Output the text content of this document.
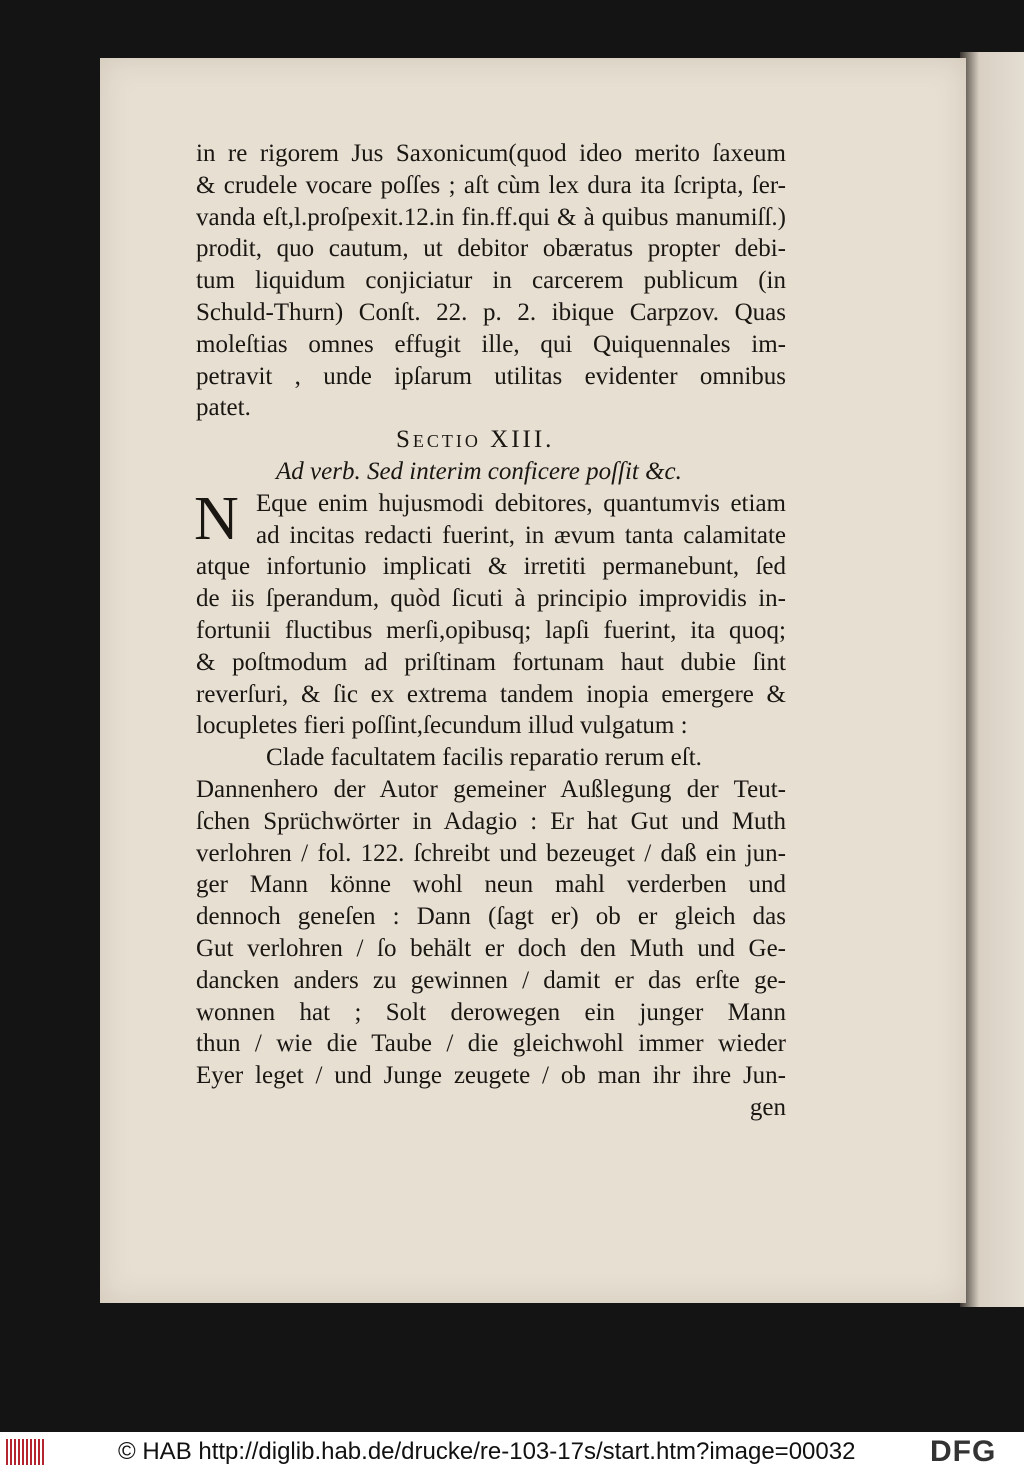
in re rigorem Jus Saxonicum(quod ideo merito ſaxeum
& crudele vocare poſſes ; aſt cùm lex dura ita ſcripta, ſer-
vanda eſt,l.proſpexit.12.in fin.ff.qui & à quibus manumiſſ.)
prodit, quo cautum, ut debitor obæratus propter debi-
tum liquidum conjiciatur in carcerem publicum (in
Schuld-Thurn) Conſt. 22. p. 2. ibique Carpzov. Quas
moleſtias omnes effugit ille, qui Quiquennales im-
petravit , unde ipſarum utilitas evidenter omnibus
patet.
Sectio XIII.
Ad verb. Sed interim conficere poſſit &c.
N Eque enim hujusmodi debitores, quantumvis etiam
ad incitas redacti fuerint, in ævum tanta calamitate
atque infortunio implicati & irretiti permanebunt, ſed
de iis ſperandum, quòd ſicuti à principio improvidis in-
fortunii fluctibus merſi,opibusq; lapſi fuerint, ita quoq;
& poſtmodum ad priſtinam fortunam haut dubie ſint
reverſuri, & ſic ex extrema tandem inopia emergere &
locupletes fieri poſſint,ſecundum illud vulgatum :
Clade facultatem facilis reparatio rerum eſt.
Dannenhero der Autor gemeiner Außlegung der Teut-
ſchen Sprüchwörter in Adagio : Er hat Gut und Muth
verlohren / fol. 122. ſchreibt und bezeuget / daß ein jun-
ger Mann könne wohl neun mahl verderben und
dennoch geneſen : Dann (ſagt er) ob er gleich das
Gut verlohren / ſo behält er doch den Muth und Ge-
dancken anders zu gewinnen / damit er das erſte ge-
wonnen hat ; Solt derowegen ein junger Mann
thun / wie die Taube / die gleichwohl immer wieder
Eyer leget / und Junge zeugete / ob man ihr ihre Jun-
gen
© HAB http://diglib.hab.de/drucke/re-103-17s/start.htm?image=00032 DFG
